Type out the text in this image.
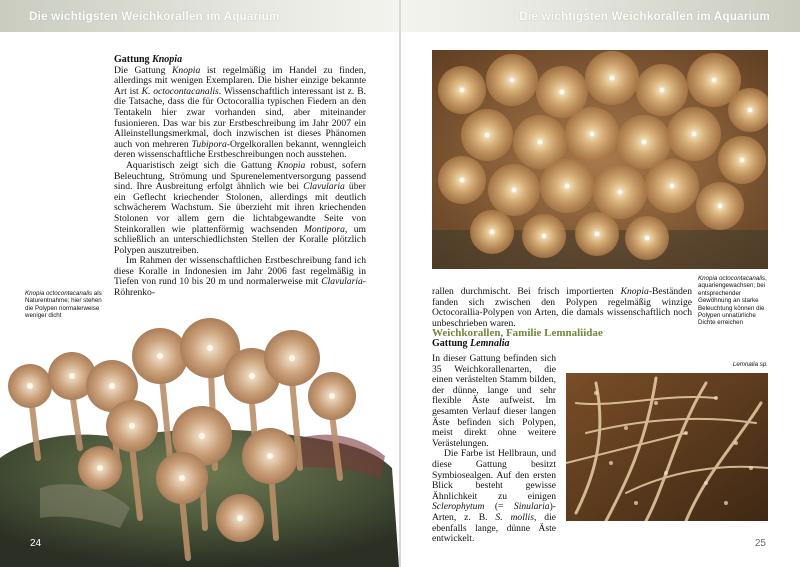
Die wichtigsten Weichkorallen im Aquarium

Gattung Knopia

Die Gattung Knopia ist regelmäßig im Handel zu finden, allerdings mit wenigen Exemplaren. Die bisher einzige bekannte Art ist K. octocontacanalis. Wissenschaftlich interessant ist z. B. die Tatsache, dass die für Octocorallia typischen Fiedern an den Tentakeln hier zwar vorhanden sind, aber miteinander fusionieren. Das war bis zur Erstbeschreibung im Jahr 2007 ein Alleinstellungsmerkmal, doch inzwischen ist dieses Phänomen auch von mehreren Tubipora-Orgelkorallen bekannt, wenngleich deren wissenschaftliche Erstbeschreibungen noch ausstehen.

Aquaristisch zeigt sich die Gattung Knopia robust, sofern Beleuchtung, Strömung und Spurenelementversorgung passend sind. Ihre Ausbreitung erfolgt ähnlich wie bei Clavularia über ein Geflecht kriechender Stolonen, allerdings mit deutlich schwächerem Wachstum. Sie überzieht mit ihren kriechenden Stolonen vor allem gern die lichtabgewandte Seite von Steinkorallen wie plattenförmig wachsenden Montipora, um schließlich an unterschiedlichsten Stellen der Koralle plötzlich Polypen auszutreiben.

Im Rahmen der wissenschaftlichen Erstbeschreibung fand ich diese Koralle in Indonesien im Jahr 2006 fast regelmäßig in Tiefen von rund 10 bis 20 m und normalerweise mit Clavularia-Röhrenko-

Knopia octocontacanalis als Naturentnahme; hier stehen die Polypen normalerweise weniger dicht
24
Die wichtigsten Weichkorallen im Aquarium
Knopia octocontacanalis, aquariengewachsen; bei entsprechender Gewöhnung an starke Beleuchtung können die Polypen unnatürliche Dichte erreichen

rallen durchmischt. Bei frisch importierten Knopia-Beständen fanden sich zwischen den Polypen regelmäßig winzige Octocorallia-Polypen von Arten, die damals wissenschaftlich noch unbeschrieben waren.

Weichkorallen, Familie Lemnaliidae

Gattung Lemnalia

In dieser Gattung befinden sich 35 Weichkorallenarten, die einen verästelten Stamm bilden, der dünne, lange und sehr flexible Äste aufweist. Im gesamten Verlauf dieser langen Äste befinden sich Polypen, meist direkt ohne weitere Verästelungen.

Die Farbe ist Hellbraun, und diese Gattung besitzt Symbiosealgen. Auf den ersten Blick besteht gewisse Ähnlichkeit zu einigen Sclerophytum (= Sinularia)-Arten, z. B. S. mollis, die ebenfalls lange, dünne Äste entwickelt.

Lemnalia sp.
25
